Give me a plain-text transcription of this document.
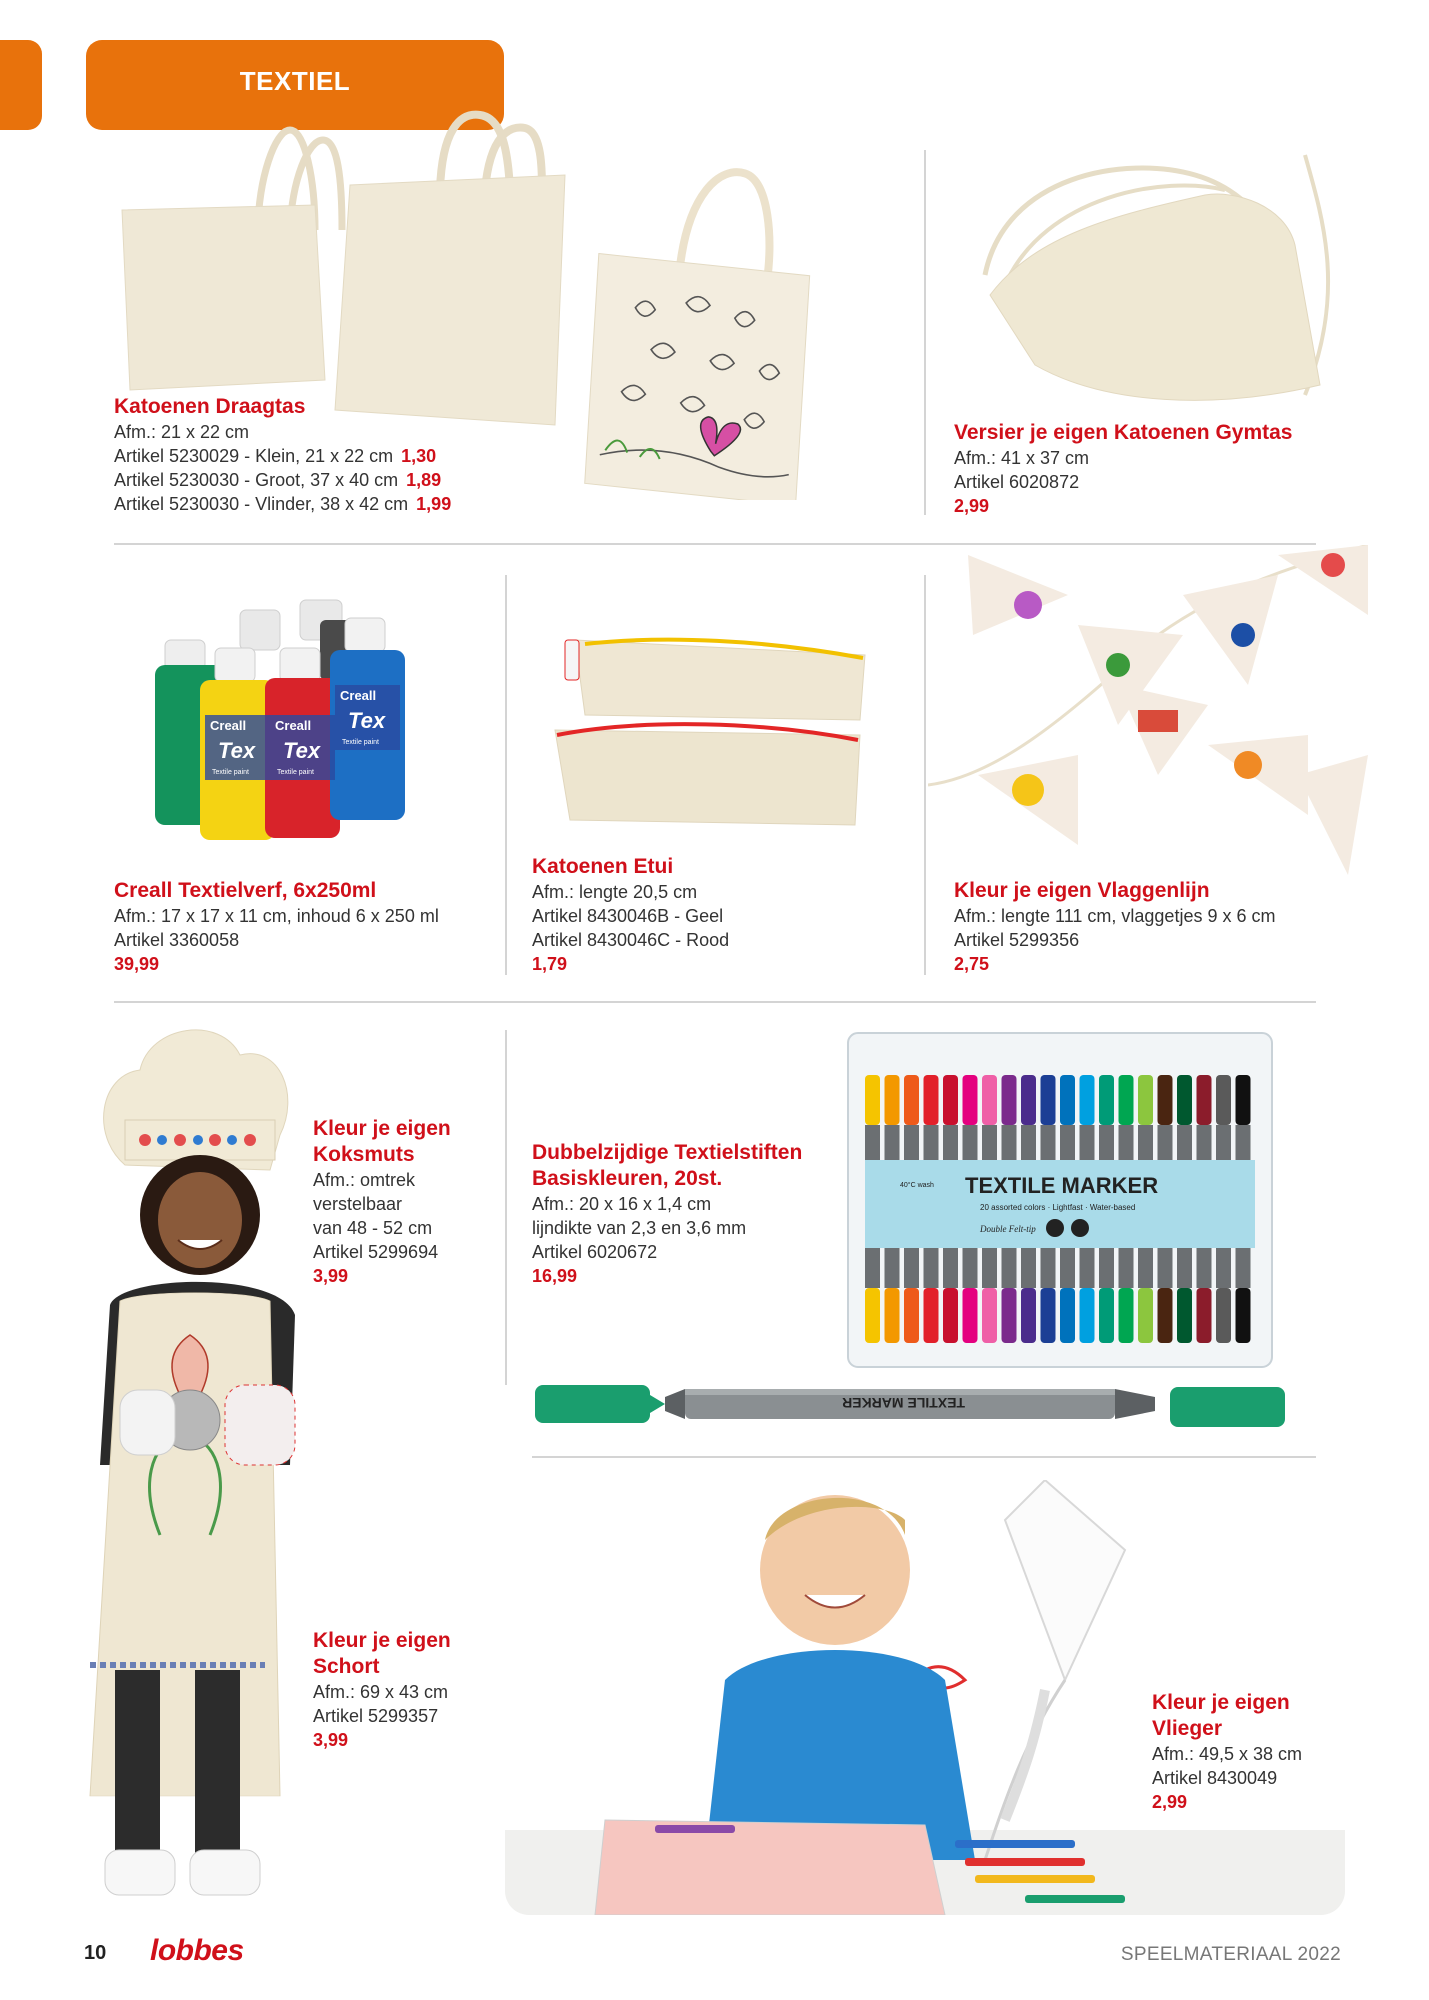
TEXTIEL
Katoenen Draagtas
Afm.: 21 x 22 cm
Artikel 5230029 - Klein, 21 x 22 cm 1,30
Artikel 5230030 - Groot, 37 x 40 cm 1,89
Artikel 5230030 - Vlinder, 38 x 42 cm 1,99
Versier je eigen Katoenen Gymtas
Afm.: 41 x 37 cm
Artikel 6020872
2,99
Creall Creall
Creall
Tex Tex
Tex
Textile paint	Textile paint
Textile paint
Creall Textielverf, 6x250ml
Afm.: 17 x 17 x 11 cm, inhoud 6 x 250 ml
Artikel 3360058
39,99
Katoenen Etui
Afm.: lengte 20,5 cm
Artikel 8430046B - Geel
Artikel 8430046C - Rood
1,79
Kleur je eigen Vlaggenlijn
Afm.: lengte 111 cm, vlaggetjes 9 x 6 cm
Artikel 5299356
2,75
Kleur je eigen
Koksmuts
Afm.: omtrek
verstelbaar
van 48 - 52 cm
Artikel 5299694
3,99
Kleur je eigen
Schort
Afm.: 69 x 43 cm
Artikel 5299357
3,99
Dubbelzijdige Textielstiften
Basiskleuren, 20st.
Afm.: 20 x 16 x 1,4 cm
lijndikte van 2,3 en 3,6 mm
Artikel 6020672
16,99
TEXTILE MARKER
20 assorted colors · Lightfast · Water-based
40°C wash
Double Felt-tip
TEXTILE MARKER
Kleur je eigen
Vlieger
Afm.: 49,5 x 38 cm
Artikel 8430049
2,99
10 lobbes	SPEELMATERIAAL 2022
